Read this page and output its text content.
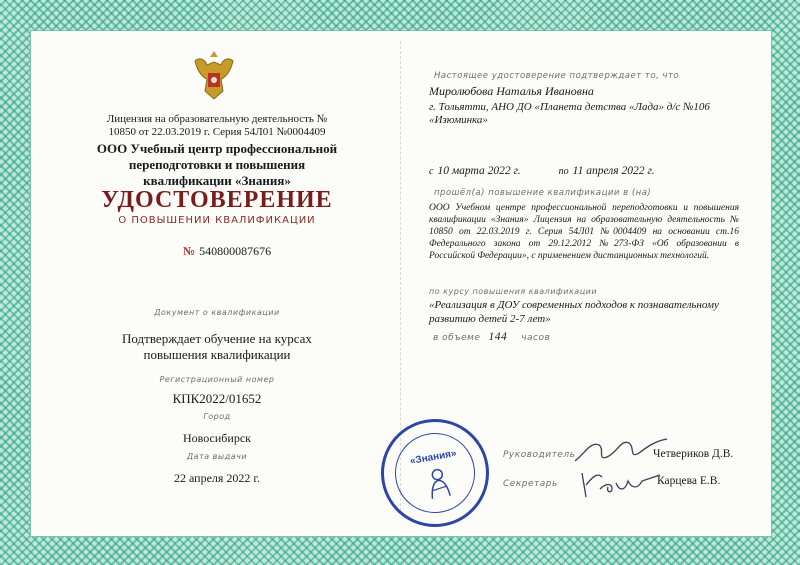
Лицензия на образовательную деятельность № 10850 от 22.03.2019 г. Серия 54Л01 №0004409
ООО Учебный центр профессиональной переподготовки и повышения квалификации «Знания»
УДОСТОВЕРЕНИЕ
О ПОВЫШЕНИИ КВАЛИФИКАЦИИ
№ 540800087676
Документ о квалификации
Подтверждает обучение на курсах повышения квалификации
Регистрационный номер
КПК2022/01652
Город
Новосибирск
Дата выдачи
22 апреля 2022 г.
Настоящее удостоверение подтверждает то, что
Миролюбова Наталья Ивановна
г. Тольятти, АНО ДО «Планета детства «Лада» д/с №106 «Изюминка»
с 10 марта 2022 г.	по 11 апреля 2022 г.
прошёл(а) повышение квалификации в (на)
ООО Учебном центре профессиональной переподготовки и повышения квалификации «Знания» Лицензия на образовательную деятельность № 10850 от 22.03.2019 г. Серия 54Л01 №0004409 на основании ст.16 Федерального закона от 29.12.2012 №273-ФЗ «Об образовании в Российской Федерации», с применением дистанционных технологий.
по курсу повышения квалификации
«Реализация в ДОУ современных подходов к познавательному развитию детей 2-7 лет»
в объеме 144 часов
«Знания»	Руководитель	Четвериков Д.В.
Секретарь	Карцева Е.В.
